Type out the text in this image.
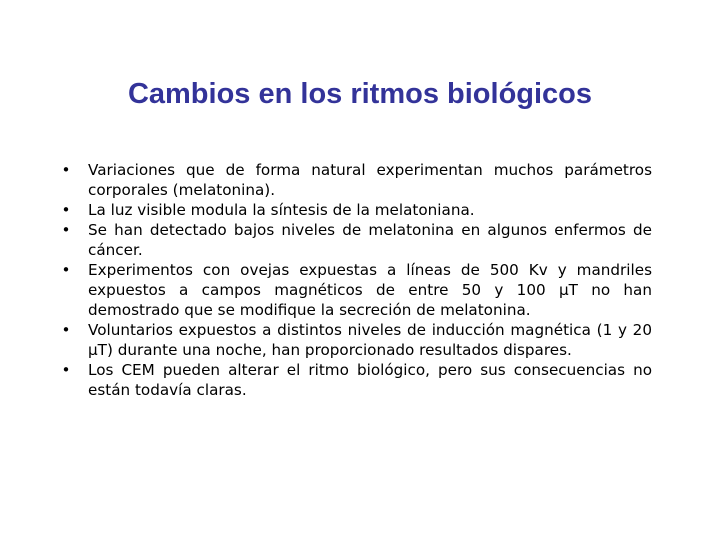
Cambios en los ritmos biológicos
• Variaciones que de forma natural experimentan muchos parámetros corporales (melatonina).
• La luz visible modula la síntesis de la melatoniana.
• Se han detectado bajos niveles de melatonina en algunos enfermos de cáncer.
• Experimentos con ovejas expuestas a líneas de 500 Kv y mandriles expuestos a campos magnéticos de entre 50 y 100 µT no han demostrado que se modifique la secreción de melatonina.
• Voluntarios expuestos a distintos niveles de inducción magnética (1 y 20 µT) durante una noche, han proporcionado resultados dispares.
• Los CEM pueden alterar el ritmo biológico, pero sus consecuencias no están todavía claras.
